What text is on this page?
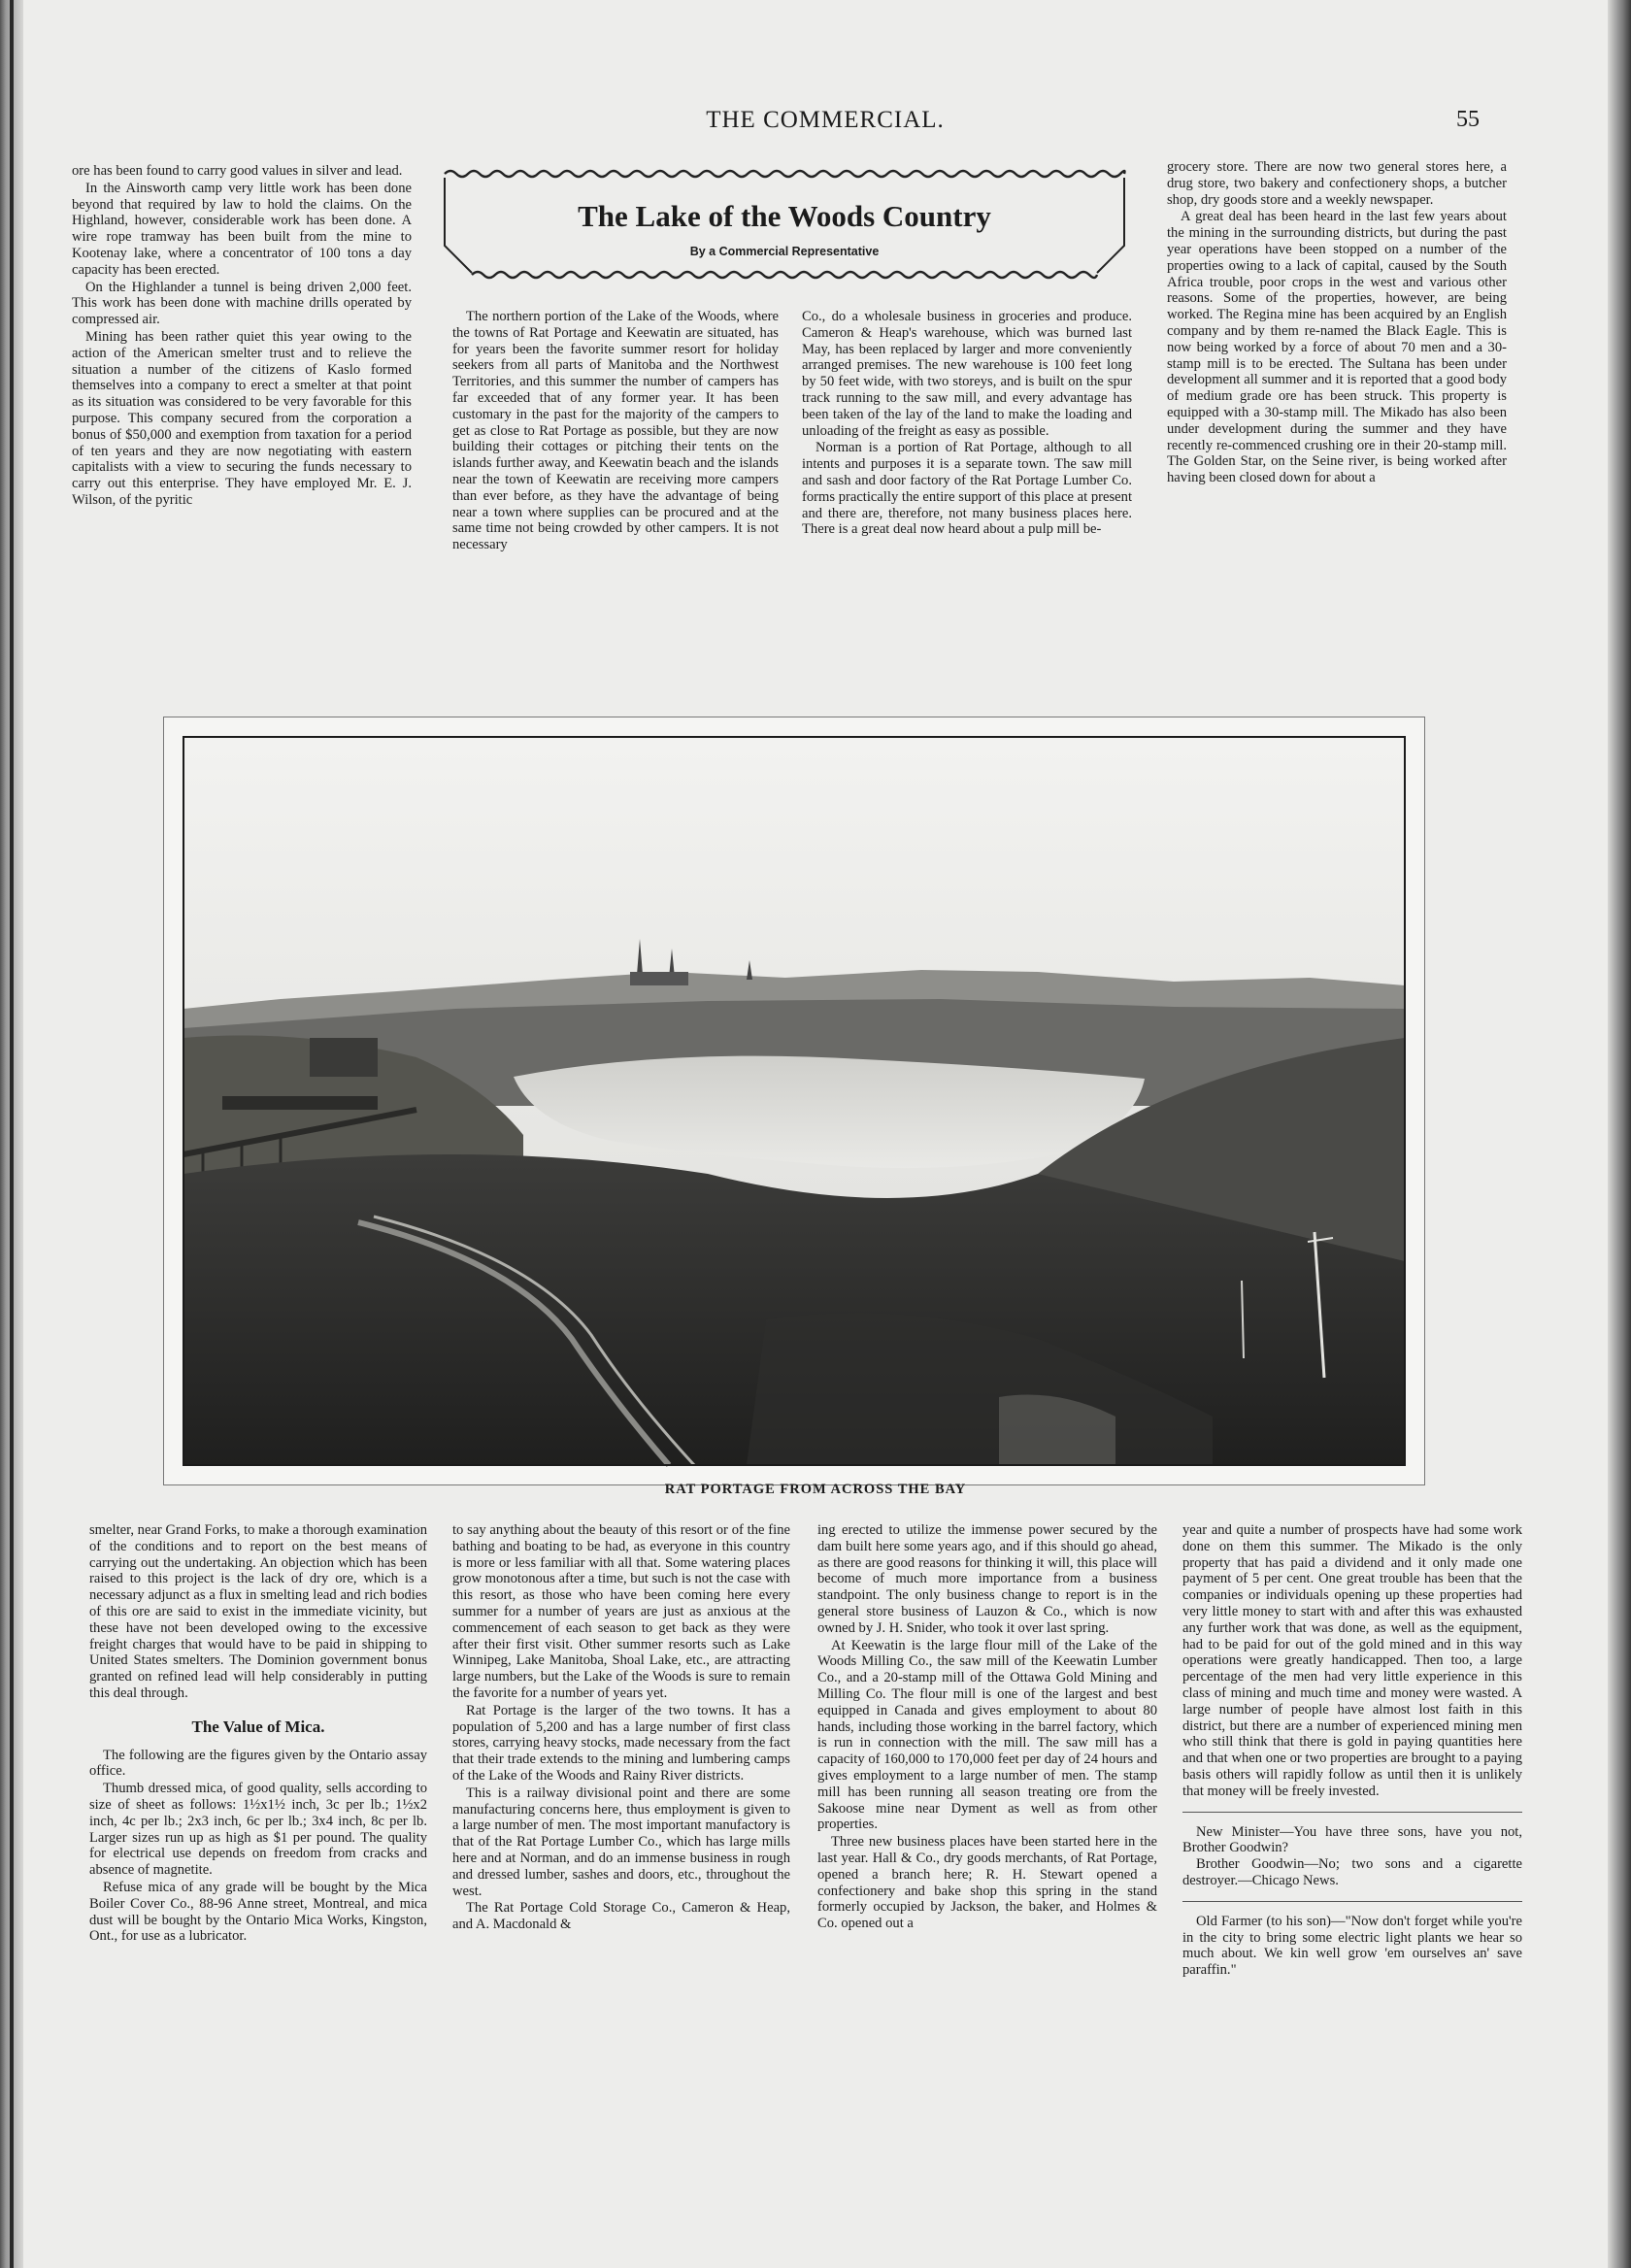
THE COMMERCIAL.	55

ore has been found to carry good values in silver and lead.

In the Ainsworth camp very little work has been done beyond that required by law to hold the claims. On the Highland, however, considerable work has been done. A wire rope tramway has been built from the mine to Kootenay lake, where a concentrator of 100 tons a day capacity has been erected.

On the Highlander a tunnel is being driven 2,000 feet. This work has been done with machine drills operated by compressed air.

Mining has been rather quiet this year owing to the action of the American smelter trust and to relieve the situation a number of the citizens of Kaslo formed themselves into a company to erect a smelter at that point as its situation was considered to be very favorable for this purpose. This company secured from the corporation a bonus of $50,000 and exemption from taxation for a period of ten years and they are now negotiating with eastern capitalists with a view to securing the funds necessary to carry out this enterprise. They have employed Mr. E. J. Wilson, of the pyritic

The Lake of the Woods Country
By a Commercial Representative

The northern portion of the Lake of the Woods, where the towns of Rat Portage and Keewatin are situated, has for years been the favorite summer resort for holiday seekers from all parts of Manitoba and the Northwest Territories, and this summer the number of campers has far exceeded that of any former year. It has been customary in the past for the majority of the campers to get as close to Rat Portage as possible, but they are now building their cottages or pitching their tents on the islands further away, and Keewatin beach and the islands near the town of Keewatin are receiving more campers than ever before, as they have the advantage of being near a town where supplies can be procured and at the same time not being crowded by other campers. It is not necessary

Co., do a wholesale business in groceries and produce. Cameron & Heap's warehouse, which was burned last May, has been replaced by larger and more conveniently arranged premises. The new warehouse is 100 feet long by 50 feet wide, with two storeys, and is built on the spur track running to the saw mill, and every advantage has been taken of the lay of the land to make the loading and unloading of the freight as easy as possible.

Norman is a portion of Rat Portage, although to all intents and purposes it is a separate town. The saw mill and sash and door factory of the Rat Portage Lumber Co. forms practically the entire support of this place at present and there are, therefore, not many business places here. There is a great deal now heard about a pulp mill be-

grocery store. There are now two general stores here, a drug store, two bakery and confectionery shops, a butcher shop, dry goods store and a weekly newspaper.

A great deal has been heard in the last few years about the mining in the surrounding districts, but during the past year operations have been stopped on a number of the properties owing to a lack of capital, caused by the South Africa trouble, poor crops in the west and various other reasons. Some of the properties, however, are being worked. The Regina mine has been acquired by an English company and by them re-named the Black Eagle. This is now being worked by a force of about 70 men and a 30-stamp mill is to be erected. The Sultana has been under development all summer and it is reported that a good body of medium grade ore has been struck. This property is equipped with a 30-stamp mill. The Mikado has also been under development during the summer and they have recently re-commenced crushing ore in their 20-stamp mill. The Golden Star, on the Seine river, is being worked after having been closed down for about a

RAT PORTAGE FROM ACROSS THE BAY

smelter, near Grand Forks, to make a thorough examination of the conditions and to report on the best means of carrying out the undertaking. An objection which has been raised to this project is the lack of dry ore, which is a necessary adjunct as a flux in smelting lead and rich bodies of this ore are said to exist in the immediate vicinity, but these have not been developed owing to the excessive freight charges that would have to be paid in shipping to United States smelters. The Dominion government bonus granted on refined lead will help considerably in putting this deal through.

The Value of Mica.

The following are the figures given by the Ontario assay office.

Thumb dressed mica, of good quality, sells according to size of sheet as follows: 1½x1½ inch, 3c per lb.; 1½x2 inch, 4c per lb.; 2x3 inch, 6c per lb.; 3x4 inch, 8c per lb. Larger sizes run up as high as $1 per pound. The quality for electrical use depends on freedom from cracks and absence of magnetite.

Refuse mica of any grade will be bought by the Mica Boiler Cover Co., 88-96 Anne street, Montreal, and mica dust will be bought by the Ontario Mica Works, Kingston, Ont., for use as a lubricator.

to say anything about the beauty of this resort or of the fine bathing and boating to be had, as everyone in this country is more or less familiar with all that. Some watering places grow monotonous after a time, but such is not the case with this resort, as those who have been coming here every summer for a number of years are just as anxious at the commencement of each season to get back as they were after their first visit. Other summer resorts such as Lake Winnipeg, Lake Manitoba, Shoal Lake, etc., are attracting large numbers, but the Lake of the Woods is sure to remain the favorite for a number of years yet.

Rat Portage is the larger of the two towns. It has a population of 5,200 and has a large number of first class stores, carrying heavy stocks, made necessary from the fact that their trade extends to the mining and lumbering camps of the Lake of the Woods and Rainy River districts.

This is a railway divisional point and there are some manufacturing concerns here, thus employment is given to a large number of men. The most important manufactory is that of the Rat Portage Lumber Co., which has large mills here and at Norman, and do an immense business in rough and dressed lumber, sashes and doors, etc., throughout the west.

The Rat Portage Cold Storage Co., Cameron & Heap, and A. Macdonald &

ing erected to utilize the immense power secured by the dam built here some years ago, and if this should go ahead, as there are good reasons for thinking it will, this place will become of much more importance from a business standpoint. The only business change to report is in the general store business of Lauzon & Co., which is now owned by J. H. Snider, who took it over last spring.

At Keewatin is the large flour mill of the Lake of the Woods Milling Co., the saw mill of the Keewatin Lumber Co., and a 20-stamp mill of the Ottawa Gold Mining and Milling Co. The flour mill is one of the largest and best equipped in Canada and gives employment to about 80 hands, including those working in the barrel factory, which is run in connection with the mill. The saw mill has a capacity of 160,000 to 170,000 feet per day of 24 hours and gives employment to a large number of men. The stamp mill has been running all season treating ore from the Sakoose mine near Dyment as well as from other properties.

Three new business places have been started here in the last year. Hall & Co., dry goods merchants, of Rat Portage, opened a branch here; R. H. Stewart opened a confectionery and bake shop this spring in the stand formerly occupied by Jackson, the baker, and Holmes & Co. opened out a

year and quite a number of prospects have had some work done on them this summer. The Mikado is the only property that has paid a dividend and it only made one payment of 5 per cent. One great trouble has been that the companies or individuals opening up these properties had very little money to start with and after this was exhausted any further work that was done, as well as the equipment, had to be paid for out of the gold mined and in this way operations were greatly handicapped. Then too, a large percentage of the men had very little experience in this class of mining and much time and money were wasted. A large number of people have almost lost faith in this district, but there are a number of experienced mining men who still think that there is gold in paying quantities here and that when one or two properties are brought to a paying basis others will rapidly follow as until then it is unlikely that money will be freely invested.

New Minister—You have three sons, have you not, Brother Goodwin?

Brother Goodwin—No; two sons and a cigarette destroyer.—Chicago News.

Old Farmer (to his son)—"Now don't forget while you're in the city to bring some electric light plants we hear so much about. We kin well grow 'em ourselves an' save paraffin."
